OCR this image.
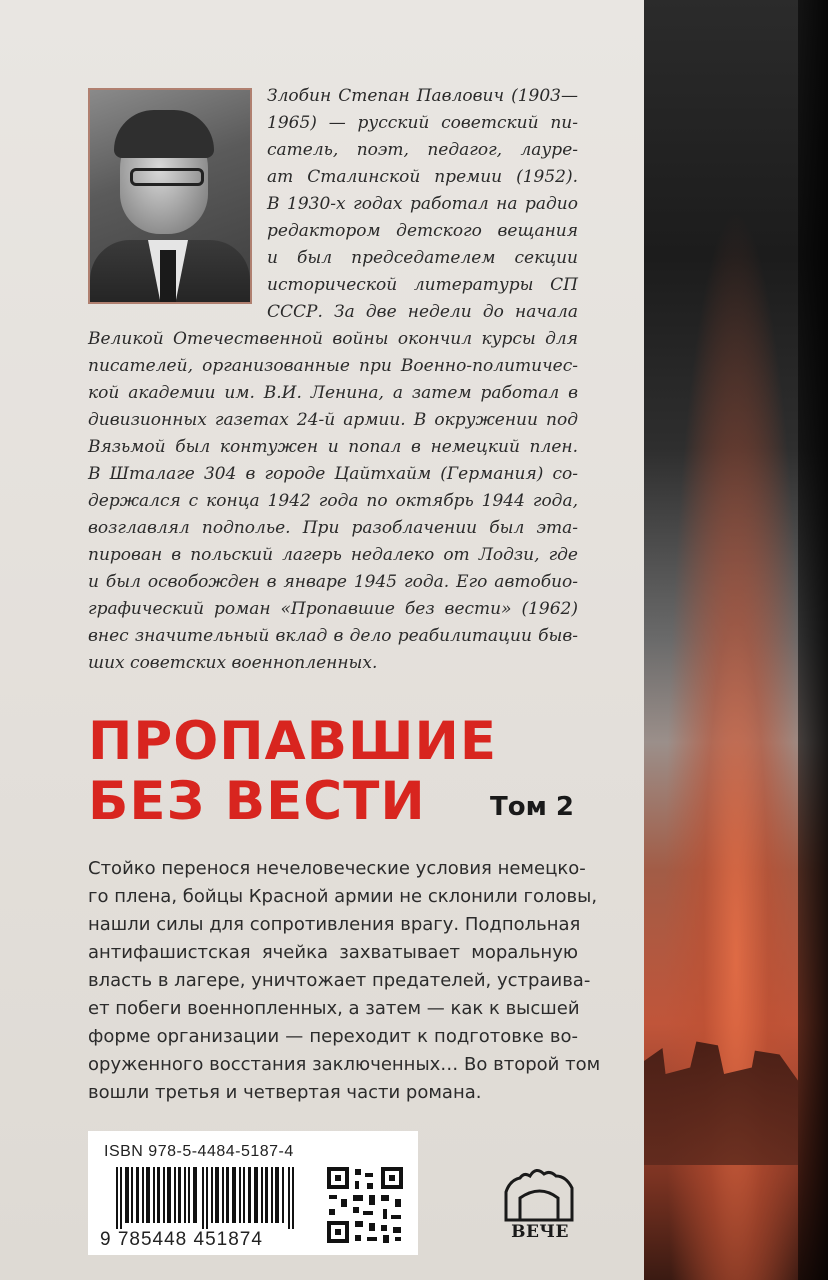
Злобин Степан Павлович (1903—
1965) — русский советский пи-
сатель, поэт, педагог, лауре-
ат Сталинской премии (1952).
В 1930-х годах работал на радио
редактором детского вещания
и был председателем секции
исторической литературы СП
СССР. За две недели до начала
Великой Отечественной войны окончил курсы для
писателей, организованные при Военно-политичес-
кой академии им. В.И. Ленина, а затем работал в
дивизионных газетах 24-й армии. В окружении под
Вязьмой был контужен и попал в немецкий плен.
В Шталаге 304 в городе Цайтхайм (Германия) со-
держался с конца 1942 года по октябрь 1944 года,
возглавлял подполье. При разоблачении был эта-
пирован в польский лагерь недалеко от Лодзи, где
и был освобожден в январе 1945 года. Его автобио-
графический роман «Пропавшие без вести» (1962)
внес значительный вклад в дело реабилитации быв-
ших советских военнопленных.
ПРОПАВШИЕ
БЕЗ ВЕСТИ	Том 2
Стойко перенося нечеловеческие условия немецко-
го плена, бойцы Красной армии не склонили головы,
нашли силы для сопротивления врагу. Подпольная
антифашистская ячейка захватывает моральную
власть в лагере, уничтожает предателей, устраива-
ет побеги военнопленных, а затем — как к высшей
форме организации — переходит к подготовке во-
оруженного восстания заключенных… Во второй том
вошли третья и четвертая части романа.
ISBN 978-5-4484-5187-4
9 785448 451874	ВЕЧЕ
